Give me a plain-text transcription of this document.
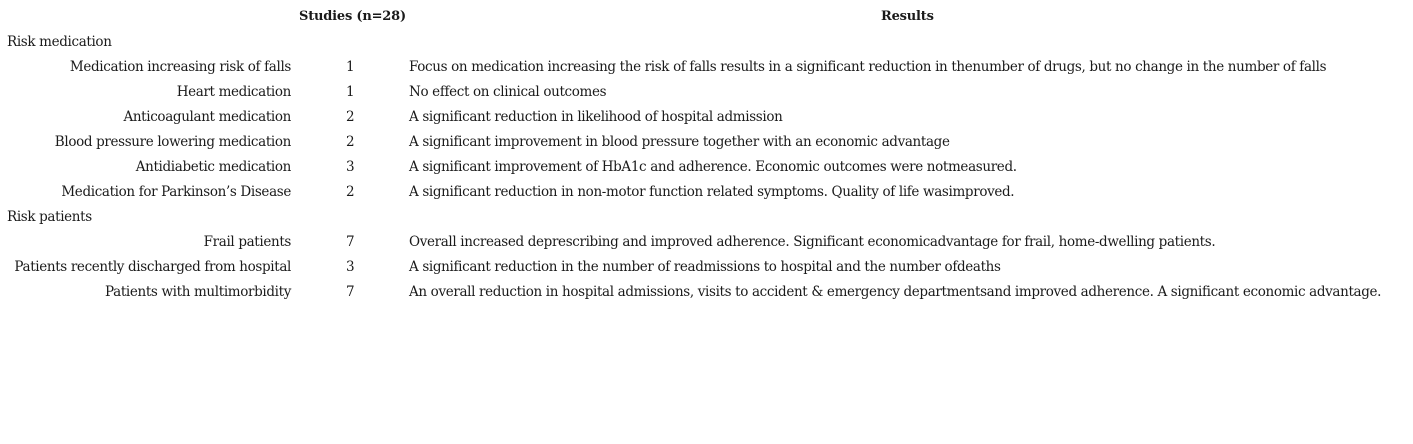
Studies (n=28)	Results
Risk medication
Medication increasing risk of falls	1	Focus on medication increasing the risk of falls results in a significant reduction in thenumber of drugs, but no change in the number of falls
Heart medication	1	No effect on clinical outcomes
Anticoagulant medication	2	A significant reduction in likelihood of hospital admission
Blood pressure lowering medication	2	A significant improvement in blood pressure together with an economic advantage
Antidiabetic medication	3	A significant improvement of HbA1c and adherence. Economic outcomes were notmeasured.
Medication for Parkinson’s Disease	2	A significant reduction in non-motor function related symptoms. Quality of life wasimproved.
Risk patients
Frail patients	7	Overall increased deprescribing and improved adherence. Significant economicadvantage for frail, home-dwelling patients.
Patients recently discharged from hospital	3	A significant reduction in the number of readmissions to hospital and the number ofdeaths
Patients with multimorbidity	7	An overall reduction in hospital admissions, visits to accident & emergency departmentsand improved adherence. A significant economic advantage.
